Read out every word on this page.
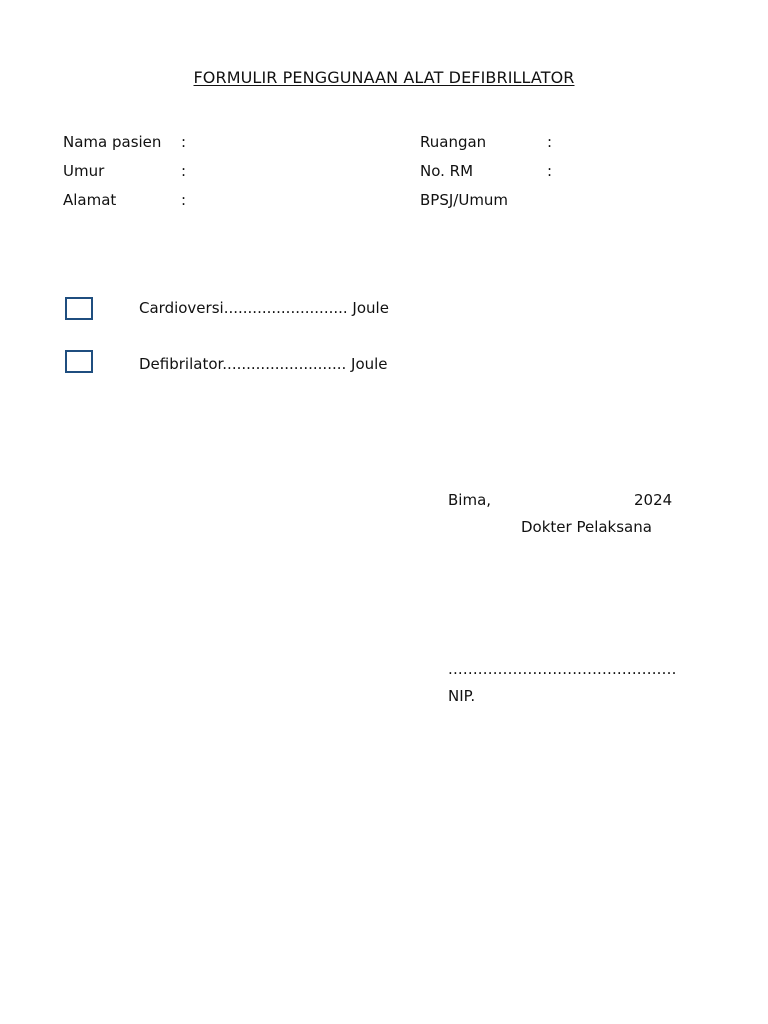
FORMULIR PENGGUNAAN ALAT DEFIBRILLATOR
Nama pasien :
Umur	:
Alamat	:
Ruangan	:
No. RM	:
BPSJ/Umum
Cardioversi.......................... Joule
Defibrilator.......................... Joule
Bima,	2024
Dokter Pelaksana
..............................................
NIP.
